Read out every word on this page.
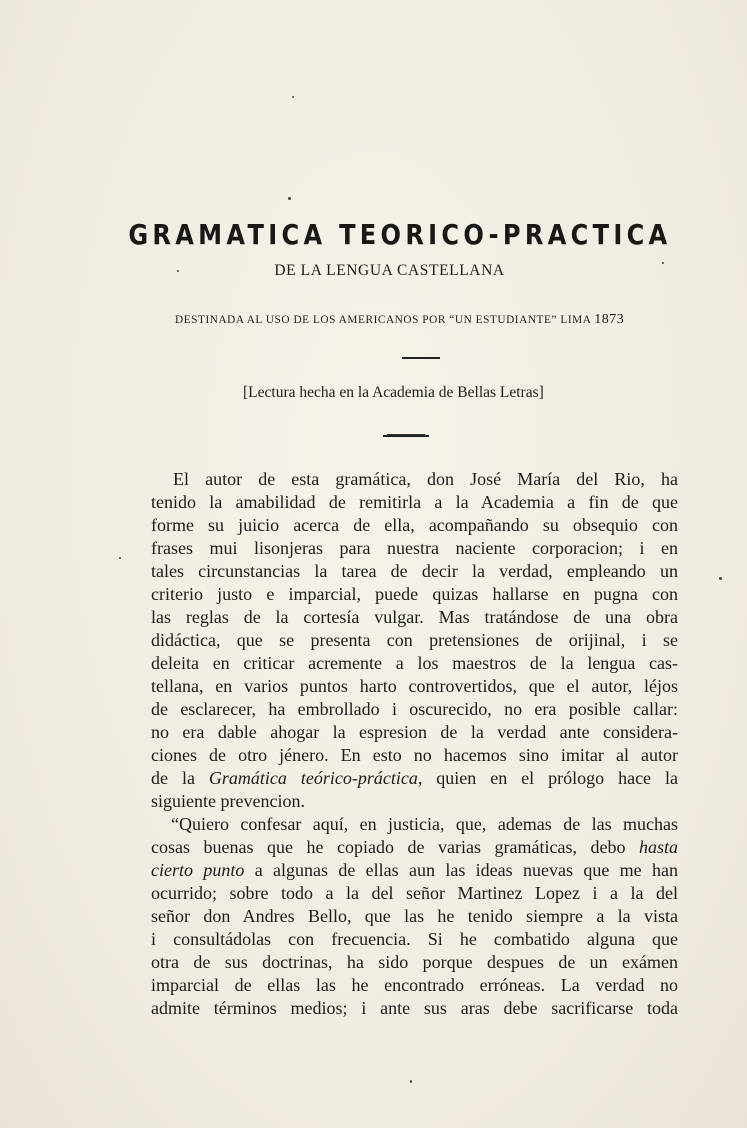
GRAMATICA TEORICO-PRACTICA
DE LA LENGUA CASTELLANA
DESTINADA AL USO DE LOS AMERICANOS POR “UN ESTUDIANTE” LIMA 1873
[Lectura hecha en la Academia de Bellas Letras]
El autor de esta gramática, don José María del Rio, ha
tenido la amabilidad de remitirla a la Academia a fin de que
forme su juicio acerca de ella, acompañando su obsequio con
frases mui lisonjeras para nuestra naciente corporacion; i en
tales circunstancias la tarea de decir la verdad, empleando un
criterio justo e imparcial, puede quizas hallarse en pugna con
las reglas de la cortesía vulgar. Mas tratándose de una obra
didáctica, que se presenta con pretensiones de orijinal, i se
deleita en criticar acremente a los maestros de la lengua cas-
tellana, en varios puntos harto controvertidos, que el autor, léjos
de esclarecer, ha embrollado i oscurecido, no era posible callar:
no era dable ahogar la espresion de la verdad ante considera-
ciones de otro jénero. En esto no hacemos sino imitar al autor
de la Gramática teórico-práctica, quien en el prólogo hace la
siguiente prevencion.
“Quiero confesar aquí, en justicia, que, ademas de las muchas
cosas buenas que he copiado de varias gramáticas, debo hasta
cierto punto a algunas de ellas aun las ideas nuevas que me han
ocurrido; sobre todo a la del señor Martinez Lopez i a la del
señor don Andres Bello, que las he tenido siempre a la vista
i consultádolas con frecuencia. Si he combatido alguna que
otra de sus doctrinas, ha sido porque despues de un exámen
imparcial de ellas las he encontrado erróneas. La verdad no
admite términos medios; i ante sus aras debe sacrificarse toda
